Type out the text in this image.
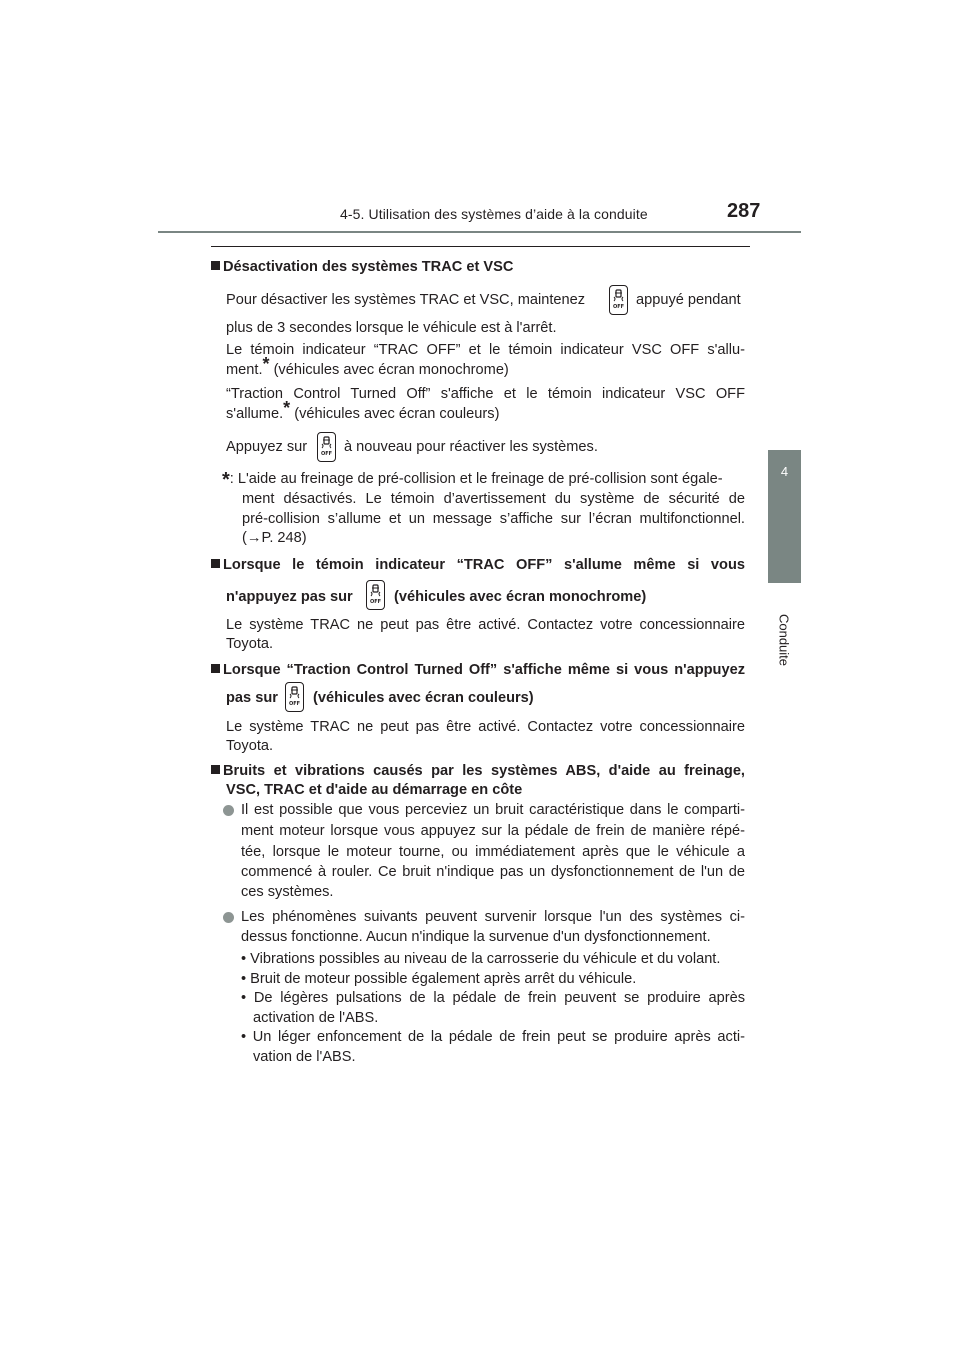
4-5. Utilisation des systèmes d’aide à la conduite	287
4
Conduite
Désactivation des systèmes TRAC et VSC
Pour désactiver les systèmes TRAC et VSC, maintenez	appuyé pendant
plus de 3 secondes lorsque le véhicule est à l'arrêt.
Le témoin indicateur “TRAC OFF” et le témoin indicateur VSC OFF s'allu-
ment.* (véhicules avec écran monochrome)
“Traction Control Turned Off” s'affiche et le témoin indicateur VSC OFF
s'allume.* (véhicules avec écran couleurs)
Appuyez sur	à nouveau pour réactiver les systèmes.
*: L'aide au freinage de pré-collision et le freinage de pré-collision sont égale-
ment désactivés. Le témoin d’avertissement du système de sécurité de
pré-collision s’allume et un message s’affiche sur l’écran multifonctionnel.
(→P. 248)
Lorsque le témoin indicateur “TRAC OFF” s'allume même si vous
n'appuyez pas sur	(véhicules avec écran monochrome)
Le système TRAC ne peut pas être activé. Contactez votre concessionnaire
Toyota.
Lorsque “Traction Control Turned Off” s'affiche même si vous n'appuyez
pas sur (véhicules avec écran couleurs)
Le système TRAC ne peut pas être activé. Contactez votre concessionnaire
Toyota.
Bruits et vibrations causés par les systèmes ABS, d'aide au freinage,
VSC, TRAC et d'aide au démarrage en côte
Il est possible que vous perceviez un bruit caractéristique dans le comparti-
ment moteur lorsque vous appuyez sur la pédale de frein de manière répé-
tée, lorsque le moteur tourne, ou immédiatement après que le véhicule a
commencé à rouler. Ce bruit n'indique pas un dysfonctionnement de l'un de
ces systèmes.
Les phénomènes suivants peuvent survenir lorsque l'un des systèmes ci-
dessus fonctionne. Aucun n'indique la survenue d'un dysfonctionnement.
• Vibrations possibles au niveau de la carrosserie du véhicule et du volant.
• Bruit de moteur possible également après arrêt du véhicule.
• De légères pulsations de la pédale de frein peuvent se produire après
activation de l'ABS.
• Un léger enfoncement de la pédale de frein peut se produire après acti-
vation de l'ABS.
OFF
OFF
OFF
OFF
